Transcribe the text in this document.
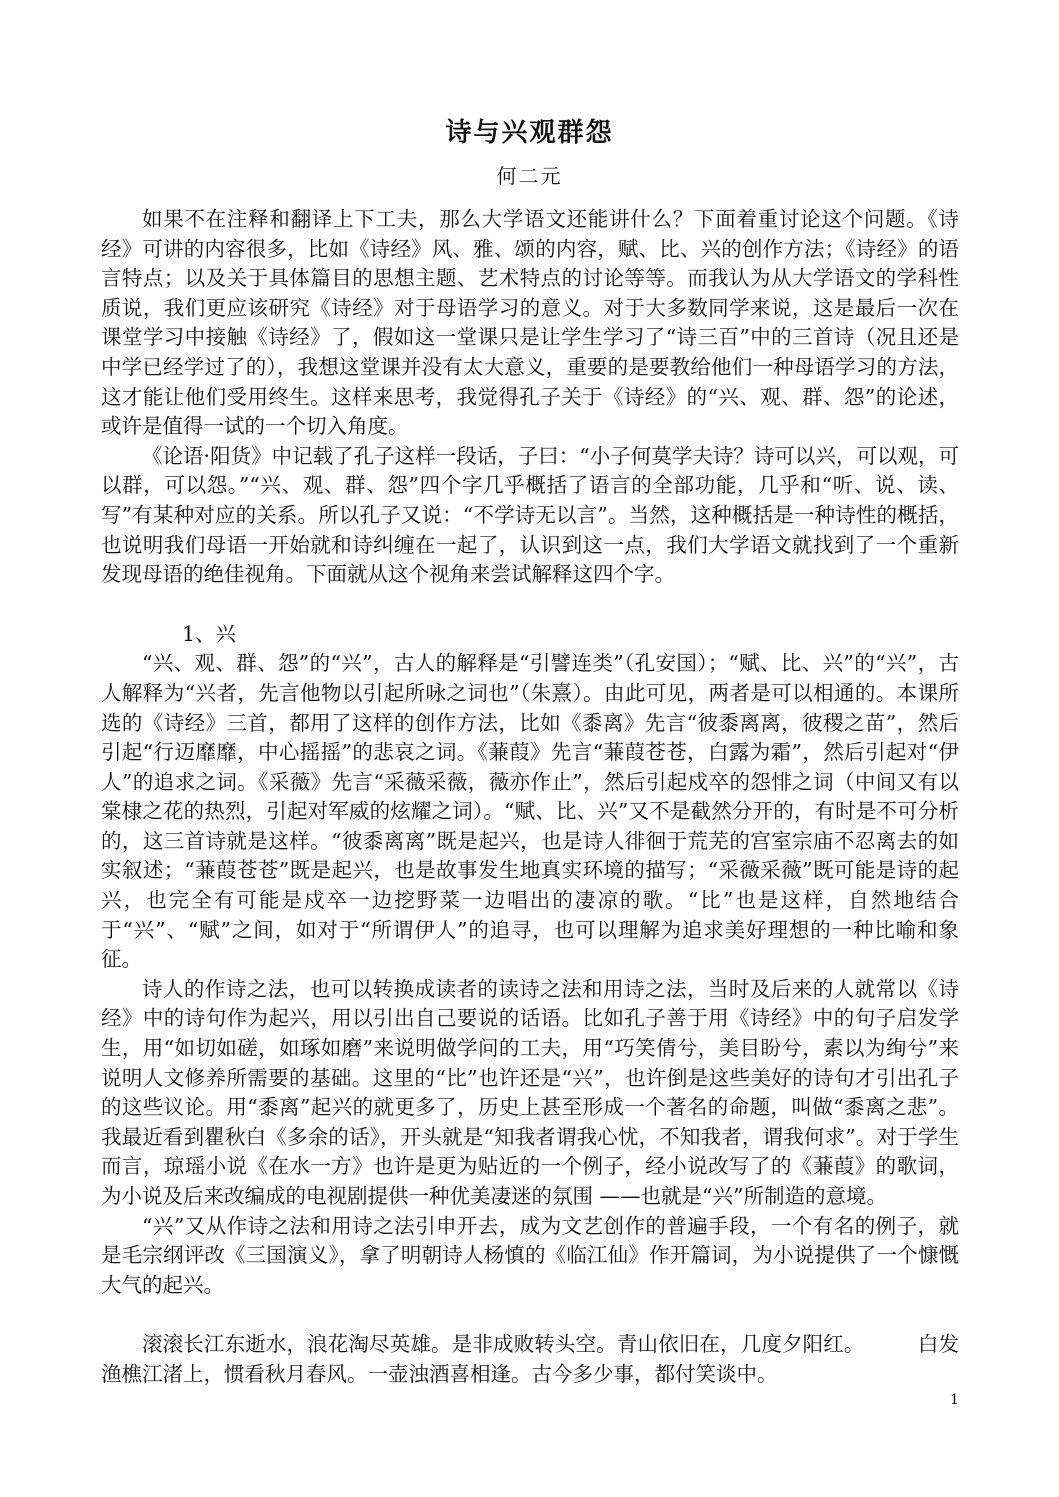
诗与兴观群怨
何二元

如果不在注释和翻译上下工夫，那么大学语文还能讲什么？下面着重讨论这个问题。《诗经》可讲的内容很多，比如《诗经》风、雅、颂的内容，赋、比、兴的创作方法；《诗经》的语言特点；以及关于具体篇目的思想主题、艺术特点的讨论等等。而我认为从大学语文的学科性质说，我们更应该研究《诗经》对于母语学习的意义。对于大多数同学来说，这是最后一次在课堂学习中接触《诗经》了，假如这一堂课只是让学生学习了“诗三百”中的三首诗（况且还是中学已经学过了的），我想这堂课并没有太大意义，重要的是要教给他们一种母语学习的方法，这才能让他们受用终生。这样来思考，我觉得孔子关于《诗经》的“兴、观、群、怨”的论述，或许是值得一试的一个切入角度。

《论语·阳货》中记载了孔子这样一段话，子曰：“小子何莫学夫诗？诗可以兴，可以观，可以群，可以怨。”“兴、观、群、怨”四个字几乎概括了语言的全部功能，几乎和“听、说、读、写”有某种对应的关系。所以孔子又说：“不学诗无以言”。当然，这种概括是一种诗性的概括，也说明我们母语一开始就和诗纠缠在一起了，认识到这一点，我们大学语文就找到了一个重新发现母语的绝佳视角。下面就从这个视角来尝试解释这四个字。

1、兴

“兴、观、群、怨”的“兴”，古人的解释是“引譬连类”（孔安国）；“赋、比、兴”的“兴”，古人解释为“兴者，先言他物以引起所咏之词也”（朱熹）。由此可见，两者是可以相通的。本课所选的《诗经》三首，都用了这样的创作方法，比如《黍离》先言“彼黍离离，彼稷之苗”，然后引起“行迈靡靡，中心摇摇”的悲哀之词。《蒹葭》先言“蒹葭苍苍，白露为霜”，然后引起对“伊人”的追求之词。《采薇》先言“采薇采薇，薇亦作止”，然后引起戍卒的怨悱之词（中间又有以棠棣之花的热烈，引起对军威的炫耀之词）。“赋、比、兴”又不是截然分开的，有时是不可分析的，这三首诗就是这样。“彼黍离离”既是起兴，也是诗人徘徊于荒芜的宫室宗庙不忍离去的如实叙述；“蒹葭苍苍”既是起兴，也是故事发生地真实环境的描写；“采薇采薇”既可能是诗的起兴，也完全有可能是戍卒一边挖野菜一边唱出的凄凉的歌。“比”也是这样，自然地结合于“兴”、“赋”之间，如对于“所谓伊人”的追寻，也可以理解为追求美好理想的一种比喻和象征。

诗人的作诗之法，也可以转换成读者的读诗之法和用诗之法，当时及后来的人就常以《诗经》中的诗句作为起兴，用以引出自己要说的话语。比如孔子善于用《诗经》中的句子启发学生，用“如切如磋，如琢如磨”来说明做学问的工夫，用“巧笑倩兮，美目盼兮，素以为绚兮”来说明人文修养所需要的基础。这里的“比”也许还是“兴”，也许倒是这些美好的诗句才引出孔子的这些议论。用“黍离”起兴的就更多了，历史上甚至形成一个著名的命题，叫做“黍离之悲”。我最近看到瞿秋白《多余的话》，开头就是“知我者谓我心忧，不知我者，谓我何求”。对于学生而言，琼瑶小说《在水一方》也许是更为贴近的一个例子，经小说改写了的《蒹葭》的歌词，为小说及后来改编成的电视剧提供一种优美凄迷的氛围 ——也就是“兴”所制造的意境。

“兴”又从作诗之法和用诗之法引申开去，成为文艺创作的普遍手段，一个有名的例子，就是毛宗纲评改《三国演义》，拿了明朝诗人杨慎的《临江仙》作开篇词，为小说提供了一个慷慨大气的起兴。

滚滚长江东逝水，浪花淘尽英雄。是非成败转头空。青山依旧在，几度夕阳红。        白发渔樵江渚上，惯看秋月春风。一壶浊酒喜相逢。古今多少事，都付笑谈中。

1
